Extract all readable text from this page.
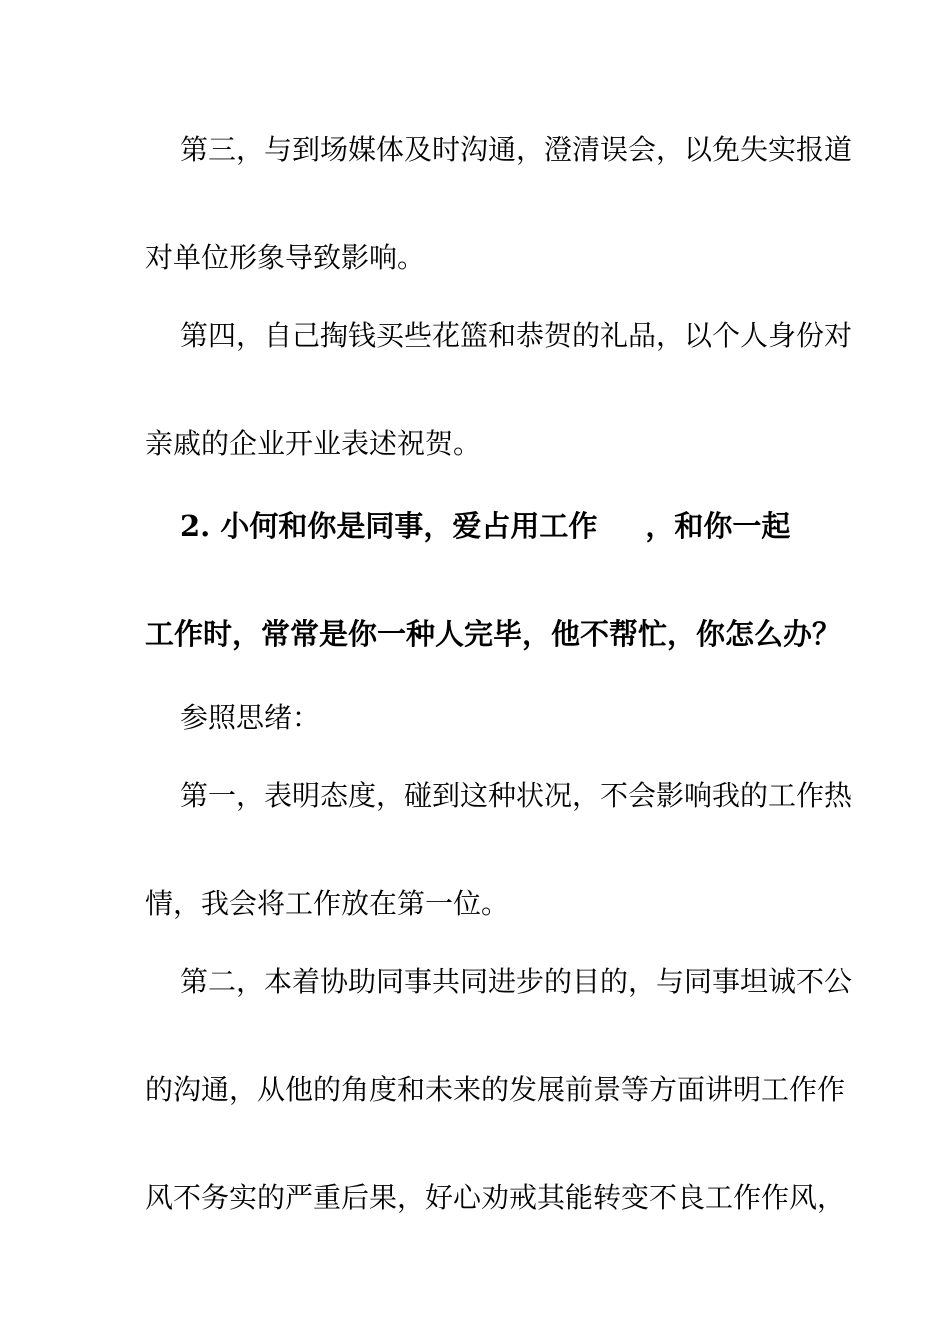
第三，与到场媒体及时沟通，澄清误会，以免失实报道
对单位形象导致影响。
第四，自己掏钱买些花篮和恭贺的礼品，以个人身份对
亲戚的企业开业表述祝贺。
2. 小何和你是同事，爱占用工作 ，和你一起
工作时，常常是你一种人完毕，他不帮忙，你怎么办？
参照思绪：
第一，表明态度，碰到这种状况，不会影响我的工作热
情，我会将工作放在第一位。
第二，本着协助同事共同进步的目的，与同事坦诚不公
的沟通，从他的角度和未来的发展前景等方面讲明工作作
风不务实的严重后果，好心劝戒其能转变不良工作作风，
